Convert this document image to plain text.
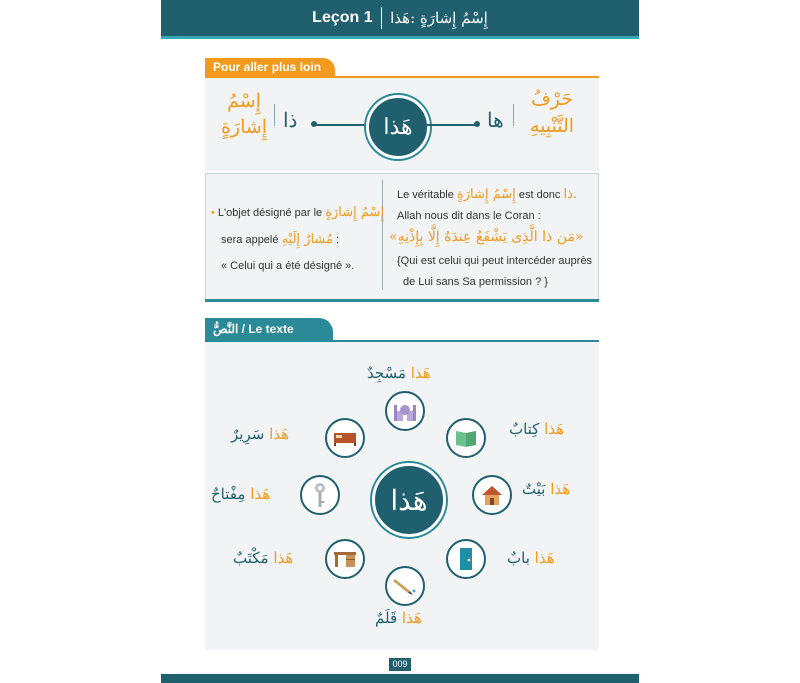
Leçon 1 إِسْمُ إِشارَةٍ :هَذا
Pour aller plus loin
إِسْمُ
إِشارَةٍ ذا	هَذا	ها
حَرْفُ
التَّنْبِيهِ
• L'objet désigné par le إِسْمُ إِشارَةٍ
sera appelé مُشارٌ إِلَيْهِ :
« Celui qui a été désigné ».
Le véritable إِسْمُ إِشارَةٍ est donc ذا.
Allah nous dit dans le Coran :
«مَن ذا الَّذِى يَشْفَعُ عِندَهُ إِلَّا بِإِذْنِهِ»
{Qui est celui qui peut intercéder auprès
de Lui sans Sa permission ? }
النَّصُّ / Le texte
هَذا
هَذا مَسْجِدٌ
هَذا كِتابٌ
هَذا بَيْتٌ
هَذا بابٌ
هَذا قَلَمٌ
هَذا مَكْتَبٌ
هَذا مِفْتاحٌ
هَذا سَرِيرٌ
009
